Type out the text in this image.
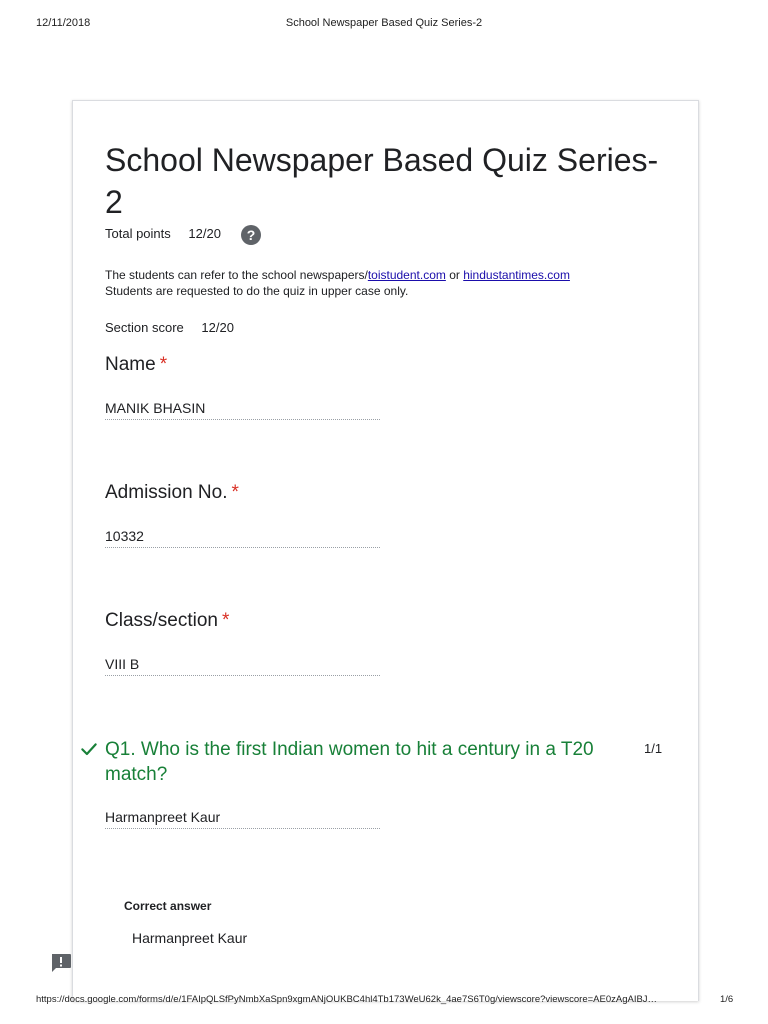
12/11/2018	School Newspaper Based Quiz Series-2
School Newspaper Based Quiz Series-2
Total points 12/20	?
The students can refer to the school newspapers/toistudent.com or hindustantimes.com
Students are requested to do the quiz in upper case only.
Section score 12/20
Name *
MANIK BHASIN
Admission No. *
10332
Class/section *
VIII B
Q1. Who is the first Indian women to hit a century in a T20 match?
1/1
Harmanpreet Kaur
Correct answer
Harmanpreet Kaur
https://docs.google.com/forms/d/e/1FAIpQLSfPyNmbXaSpn9xgmANjOUKBC4hl4Tb173WeU62k_4ae7S6T0g/viewscore?viewscore=AE0zAgAIBJ…	1/6
